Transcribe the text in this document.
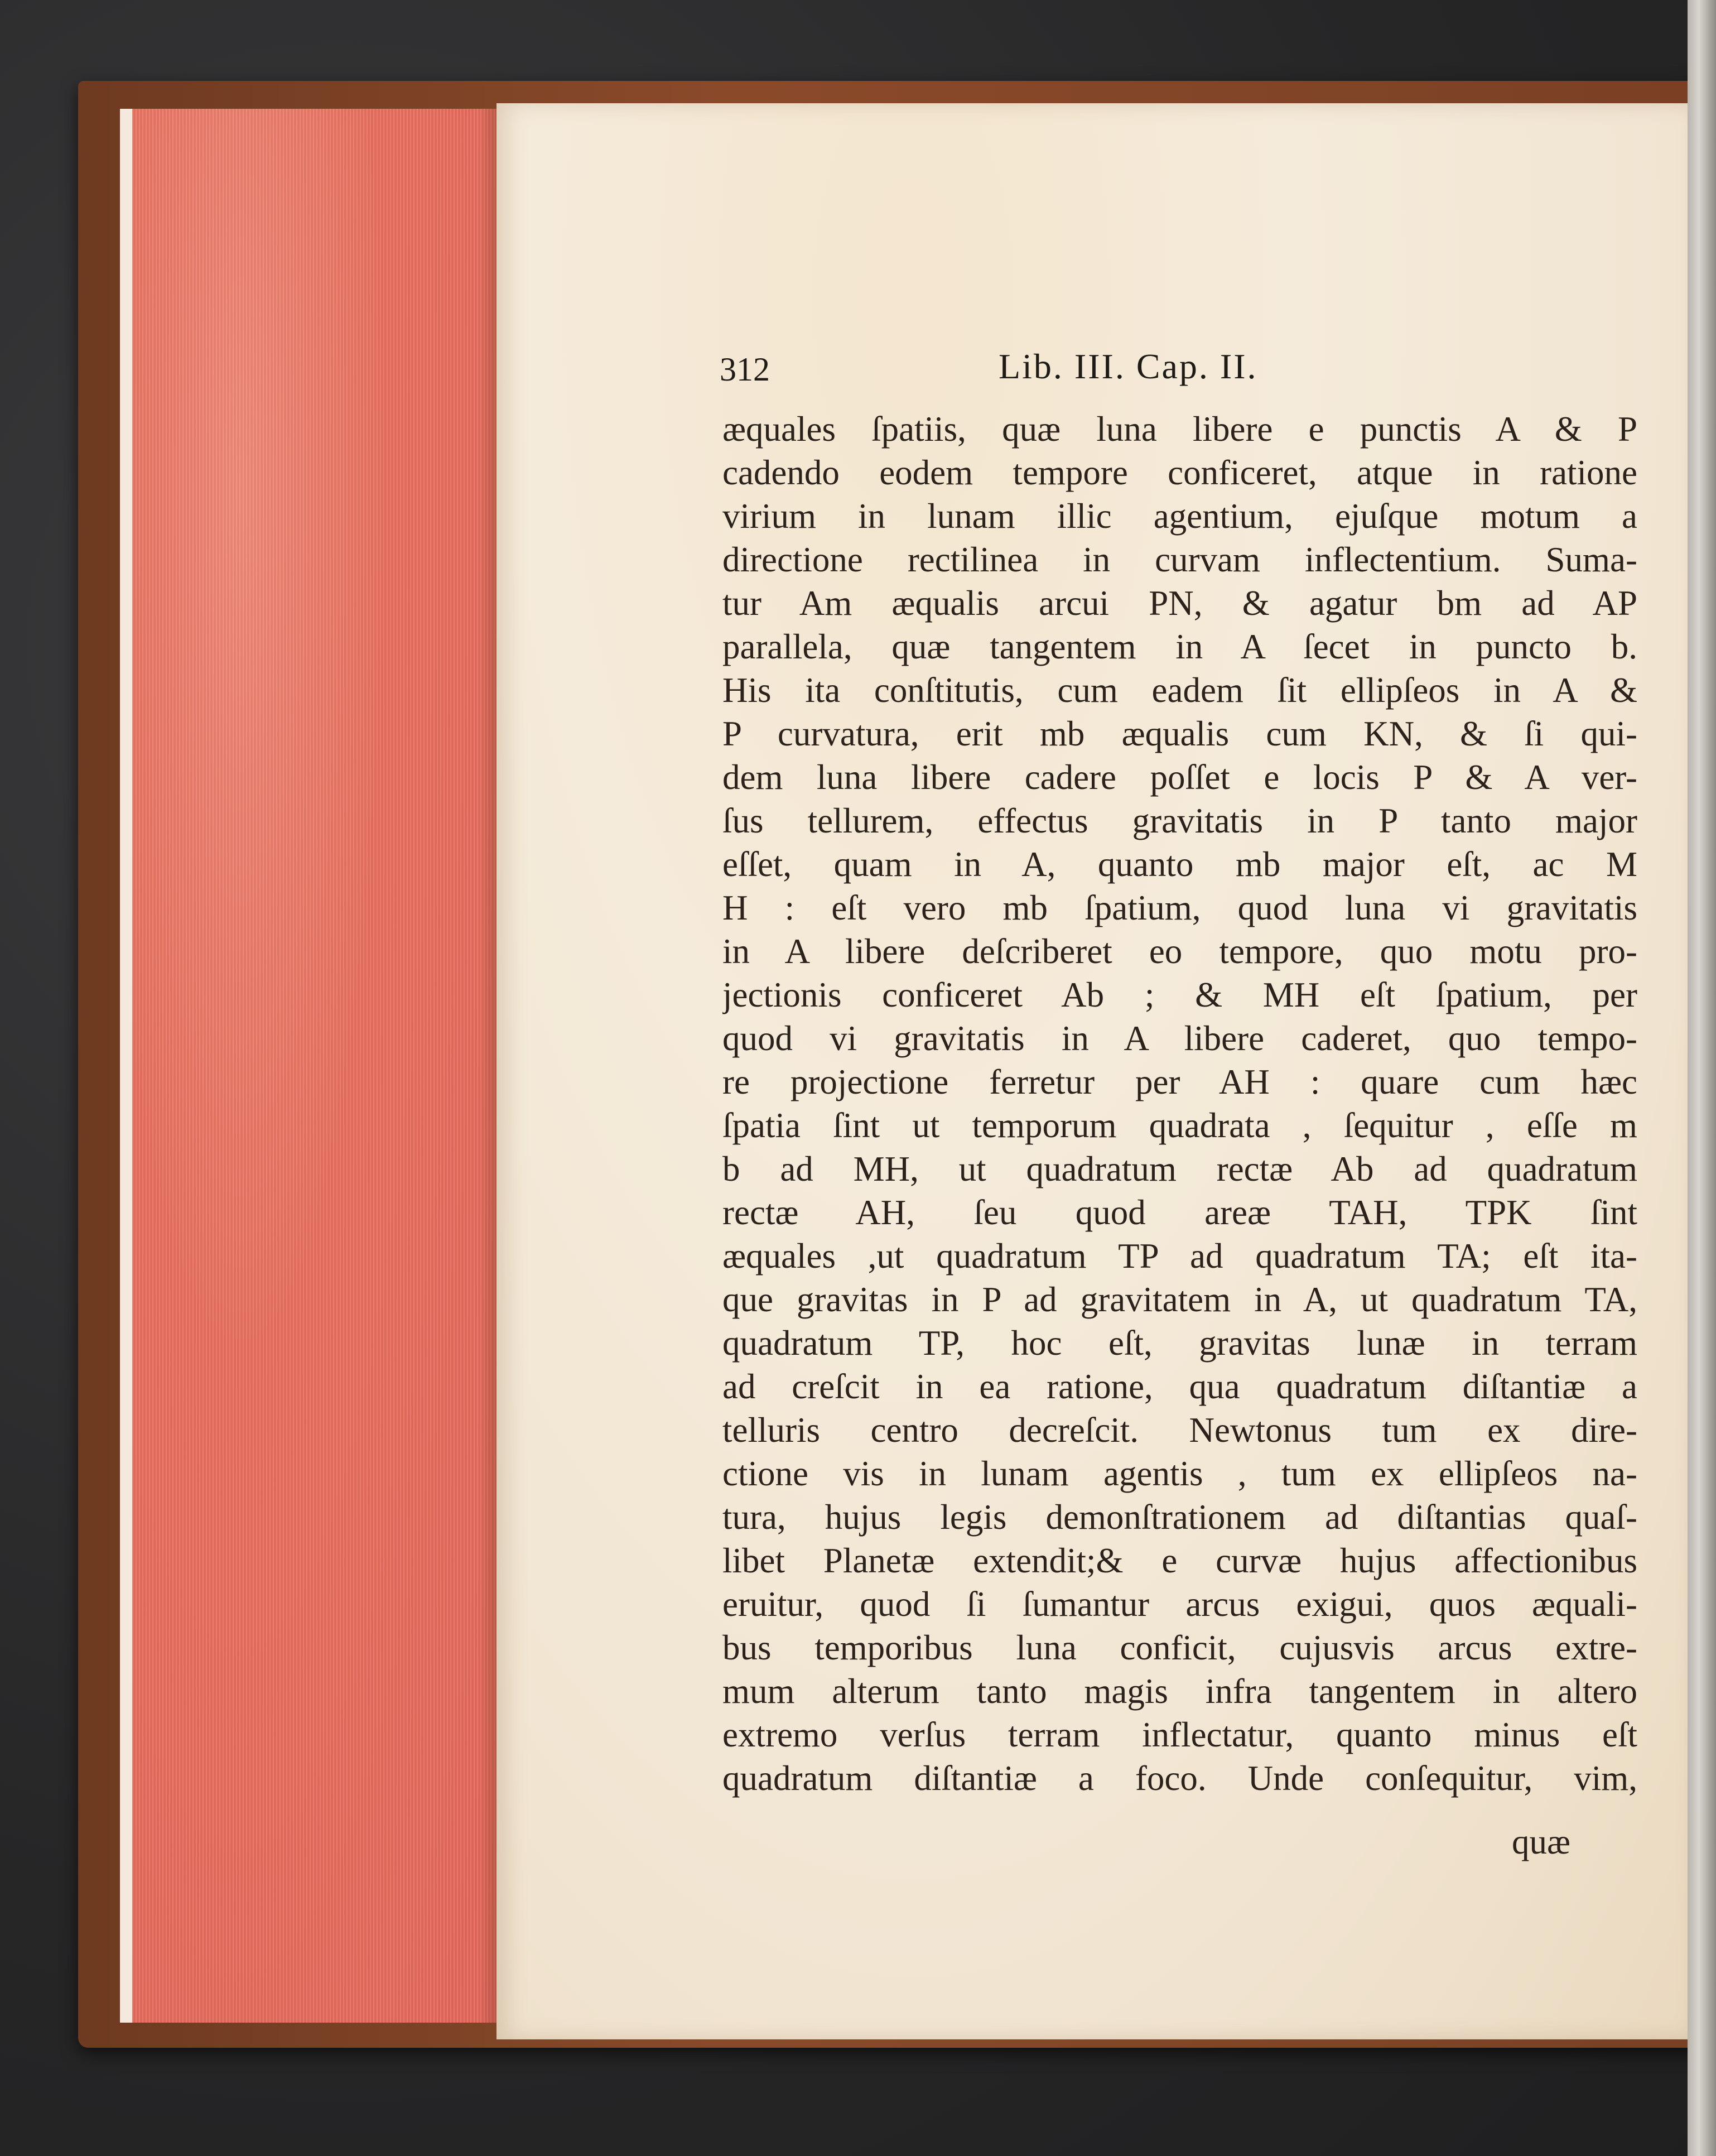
312	Lib. III. Cap. II.
æquales ſpatiis, quæ luna libere e punctis A & P
cadendo eodem tempore conficeret, atque in ratione
virium in lunam illic agentium, ejuſque motum a
directione rectilinea in curvam inflectentium. Suma-
tur Am æqualis arcui PN, & agatur bm ad AP
parallela, quæ tangentem in A ſecet in puncto b.
His ita conſtitutis, cum eadem ſit ellipſeos in A &
P curvatura, erit mb æqualis cum KN, & ſi qui-
dem luna libere cadere poſſet e locis P & A ver-
ſus tellurem, effectus gravitatis in P tanto major
eſſet, quam in A, quanto mb major eſt, ac M
H : eſt vero mb ſpatium, quod luna vi gravitatis
in A libere deſcriberet eo tempore, quo motu pro-
jectionis conficeret Ab ; & MH eſt ſpatium, per
quod vi gravitatis in A libere caderet, quo tempo-
re projectione ferretur per AH : quare cum hæc
ſpatia ſint ut temporum quadrata , ſequitur , eſſe m
b ad MH, ut quadratum rectæ Ab ad quadratum
rectæ AH, ſeu quod areæ TAH, TPK ſint
æquales ,ut quadratum TP ad quadratum TA; eſt ita-
que gravitas in P ad gravitatem in A, ut quadratum TA,
quadratum TP, hoc eſt, gravitas lunæ in terram
ad creſcit in ea ratione, qua quadratum diſtantiæ a
telluris centro decreſcit. Newtonus tum ex dire-
ctione vis in lunam agentis , tum ex ellipſeos na-
tura, hujus legis demonſtrationem ad diſtantias quaſ-
libet Planetæ extendit;& e curvæ hujus affectionibus
eruitur, quod ſi ſumantur arcus exigui, quos æquali-
bus temporibus luna conficit, cujusvis arcus extre-
mum alterum tanto magis infra tangentem in altero
extremo verſus terram inflectatur, quanto minus eſt
quadratum diſtantiæ a foco. Unde conſequitur, vim,
quæ
